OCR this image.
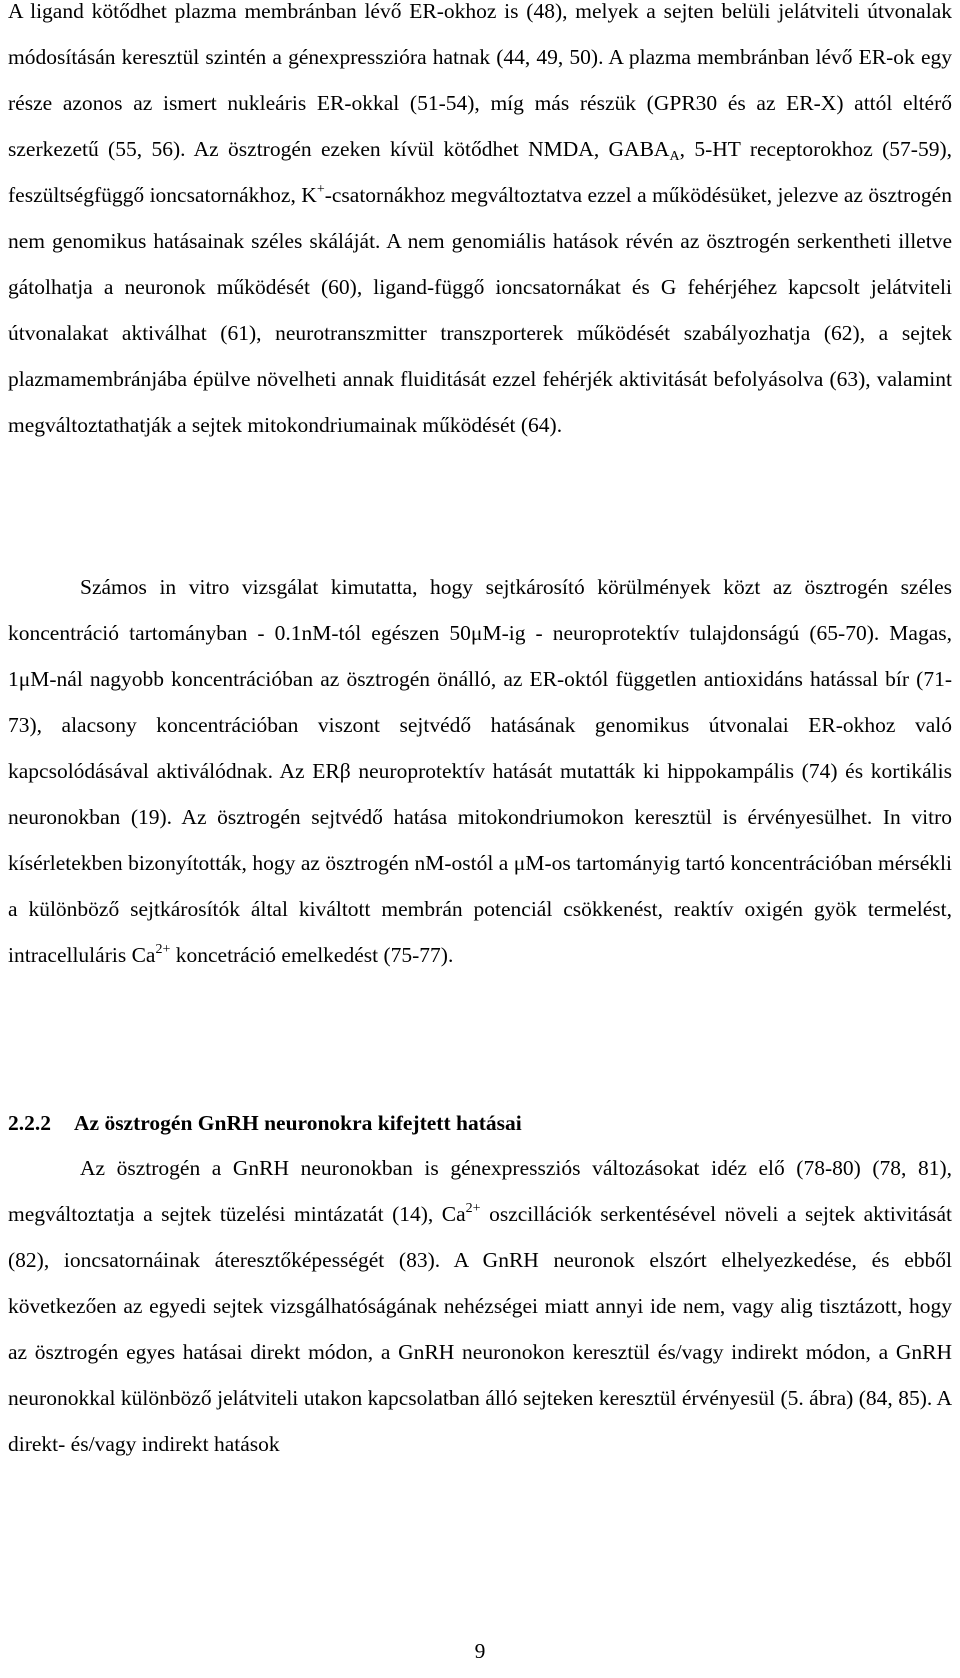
A ligand kötődhet plazma membránban lévő ER-okhoz is (48), melyek a sejten belüli jelátviteli útvonalak módosításán keresztül szintén a génexpresszióra hatnak (44, 49, 50). A plazma membránban lévő ER-ok egy része azonos az ismert nukleáris ER-okkal (51-54), míg más részük (GPR30 és az ER-X) attól eltérő szerkezetű (55, 56). Az ösztrogén ezeken kívül kötődhet NMDA, $GABA_A$, 5-HT receptorokhoz (57-59), feszültségfüggő ioncsatornákhoz, K+-csatornákhoz megváltoztatva ezzel a működésüket, jelezve az ösztrogén nem genomikus hatásainak széles skáláját. A nem genomiális hatások révén az ösztrogén serkentheti illetve gátolhatja a neuronok működését (60), ligand-függő ioncsatornákat és G fehérjéhez kapcsolt jelátviteli útvonalakat aktiválhat (61), neurotranszmitter transzporterek működését szabályozhatja (62), a sejtek plazmamembránjába épülve növelheti annak fluiditását ezzel fehérjék aktivitását befolyásolva (63), valamint megváltoztathatják a sejtek mitokondriumainak működését (64).

Számos in vitro vizsgálat kimutatta, hogy sejtkárosító körülmények közt az ösztrogén széles koncentráció tartományban - 0.1nM-tól egészen 50μM-ig - neuroprotektív tulajdonságú (65-70). Magas, 1μM-nál nagyobb koncentrációban az ösztrogén önálló, az ER-októl független antioxidáns hatással bír (71-73), alacsony koncentrációban viszont sejtvédő hatásának genomikus útvonalai ER-okhoz való kapcsolódásával aktiválódnak. Az ERβ neuroprotektív hatását mutatták ki hippokampális (74) és kortikális neuronokban (19). Az ösztrogén sejtvédő hatása mitokondriumokon keresztül is érvényesülhet. In vitro kísérletekben bizonyították, hogy az ösztrogén nM-ostól a μM-os tartományig tartó koncentrációban mérsékli a különböző sejtkárosítók által kiváltott membrán potenciál csökkenést, reaktív oxigén gyök termelést, intracelluláris $Ca^{2+}$ koncetráció emelkedést (75-77).

2.2.2 Az ösztrogén GnRH neuronokra kifejtett hatásai

Az ösztrogén a GnRH neuronokban is génexpressziós változásokat idéz elő (78-80) (78, 81), megváltoztatja a sejtek tüzelési mintázatát (14), $Ca^{2+}$ oszcillációk serkentésével növeli a sejtek aktivitását (82), ioncsatornáinak áteresztőképességét (83). A GnRH neuronok elszórt elhelyezkedése, és ebből következően az egyedi sejtek vizsgálhatóságának nehézségei miatt annyi ide nem, vagy alig tisztázott, hogy az ösztrogén egyes hatásai direkt módon, a GnRH neuronokon keresztül és/vagy indirekt módon, a GnRH neuronokkal különböző jelátviteli utakon kapcsolatban álló sejteken keresztül érvényesül (5. ábra) (84, 85). A direkt- és/vagy indirekt hatások

9
